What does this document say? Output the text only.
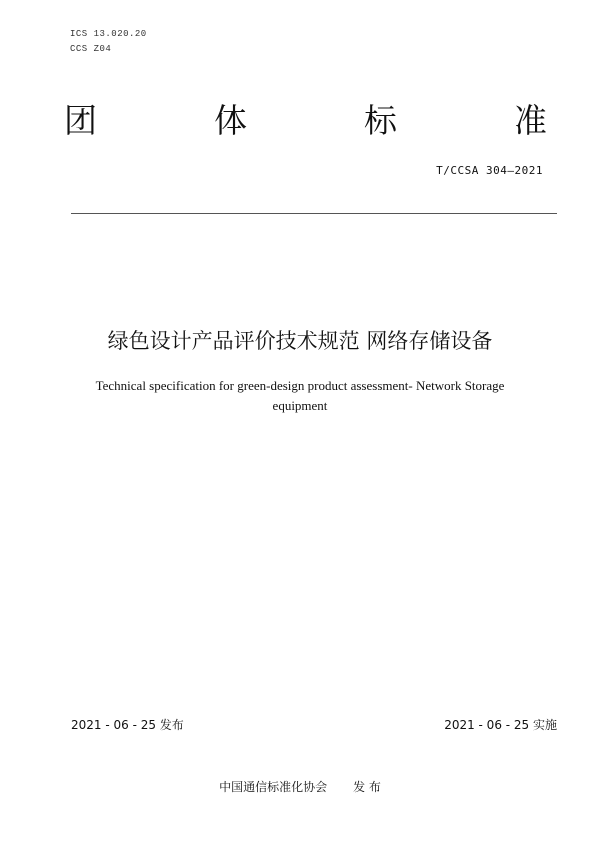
ICS 13.020.20
CCS Z04
团	体	标	准
T/CCSA 304—2021
绿色设计产品评价技术规范 网络存储设备
Technical specification for green-design product assessment- Network Storage
equipment
2021 - 06 - 25 发布	2021 - 06 - 25 实施
中国通信标准化协会 发 布
